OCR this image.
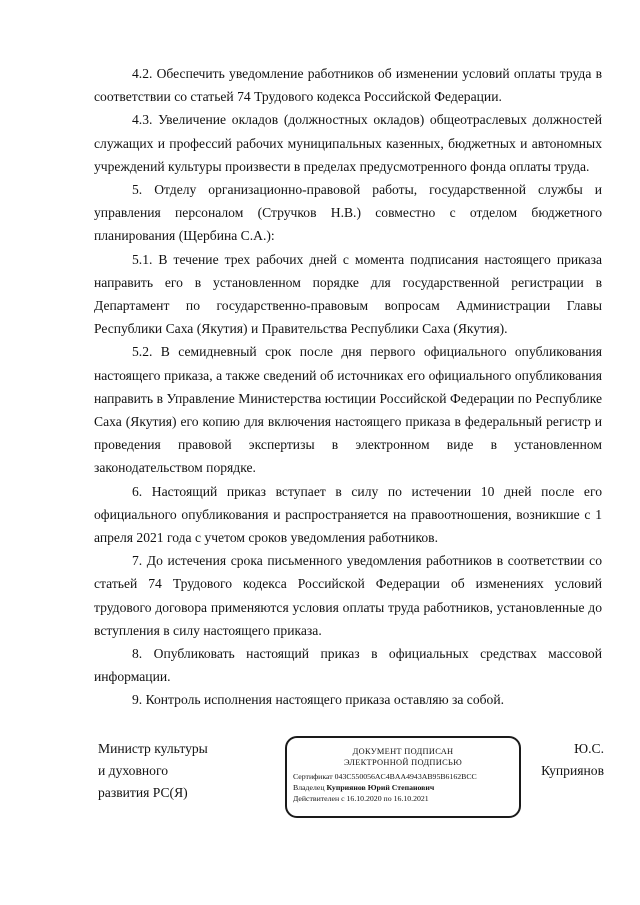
4.2. Обеспечить уведомление работников об изменении условий оплаты труда в соответствии со статьей 74 Трудового кодекса Российской Федерации.

4.3. Увеличение окладов (должностных окладов) общеотраслевых должностей служащих и профессий рабочих муниципальных казенных, бюджетных и автономных учреждений культуры произвести в пределах предусмотренного фонда оплаты труда.

5. Отделу организационно-правовой работы, государственной службы и управления персоналом (Стручков Н.В.) совместно с отделом бюджетного планирования (Щербина С.А.):

5.1. В течение трех рабочих дней с момента подписания настоящего приказа направить его в установленном порядке для государственной регистрации в Департамент по государственно-правовым вопросам Администрации Главы Республики Саха (Якутия) и Правительства Республики Саха (Якутия).

5.2. В семидневный срок после дня первого официального опубликования настоящего приказа, а также сведений об источниках его официального опубликования направить в Управление Министерства юстиции Российской Федерации по Республике Саха (Якутия) его копию для включения настоящего приказа в федеральный регистр и проведения правовой экспертизы в электронном виде в установленном законодательством порядке.

6. Настоящий приказ вступает в силу по истечении 10 дней после его официального опубликования и распространяется на правоотношения, возникшие с 1 апреля 2021 года с учетом сроков уведомления работников.

7. До истечения срока письменного уведомления работников в соответствии со статьей 74 Трудового кодекса Российской Федерации об изменениях условий трудового договора применяются условия оплаты труда работников, установленные до вступления в силу настоящего приказа.

8. Опубликовать настоящий приказ в официальных средствах массовой информации.

9. Контроль исполнения настоящего приказа оставляю за собой.

Министр культуры
и духовного
развития РС(Я)
Ю.С.
Куприянов
ДОКУМЕНТ ПОДПИСАН
ЭЛЕКТРОННОЙ ПОДПИСЬЮ
Сертификат 043C550056AC4BAA4943AB95B6162BCC
Владелец Куприянов Юрий Степанович
Действителен с 16.10.2020 по 16.10.2021
